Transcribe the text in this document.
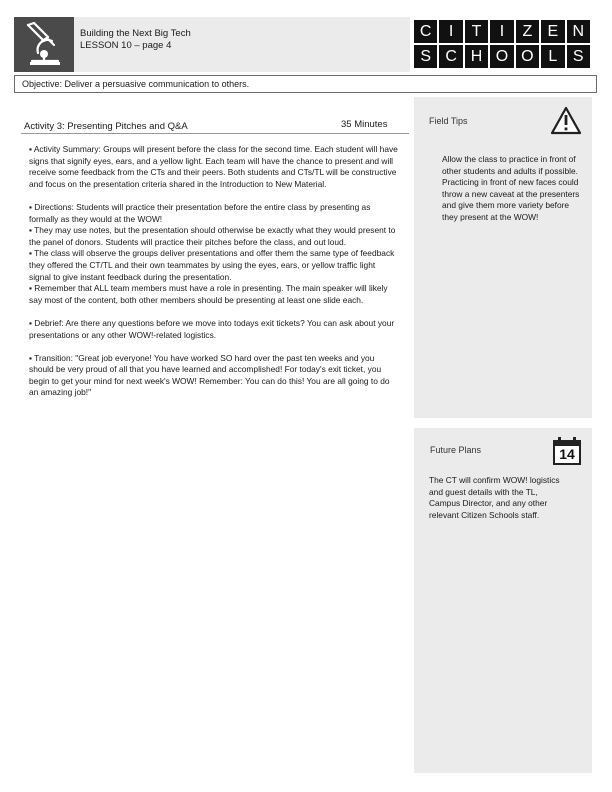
Building the Next Big Tech
LESSON 10 – page 4
C	I	T	I	Z E N
S C H O O L S
Objective: Deliver a persuasive communication to others.
Activity 3: Presenting Pitches and Q&A	35 Minutes

▪ Activity Summary: Groups will present before the class for the second time. Each student will have signs that signify eyes, ears, and a yellow light. Each team will have the chance to present and will receive some feedback from the CTs and their peers. Both students and CTs/TL will be constructive and focus on the presentation criteria shared in the Introduction to New Material.

▪ Directions: Students will practice their presentation before the entire class by presenting as formally as they would at the WOW!

▪ They may use notes, but the presentation should otherwise be exactly what they would present to the panel of donors. Students will practice their pitches before the class, and out loud.

▪ The class will observe the groups deliver presentations and offer them the same type of feedback they offered the CT/TL and their own teammates by using the eyes, ears, or yellow traffic light signal to give instant feedback during the presentation.

▪ Remember that ALL team members must have a role in presenting. The main speaker will likely say most of the content, both other members should be presenting at least one slide each.

▪ Debrief: Are there any questions before we move into todays exit tickets? You can ask about your presentations or any other WOW!-related logistics.

▪ Transition: "Great job everyone! You have worked SO hard over the past ten weeks and you should be very proud of all that you have learned and accomplished! For today's exit ticket, you begin to get your mind for next week's WOW! Remember: You can do this! You are all going to do an amazing job!"

Field Tips
Allow the class to practice in front of other students and adults if possible. Practicing in front of new faces could throw a new caveat at the presenters and give them more variety before they present at the WOW!
Future Plans	14
The CT will confirm WOW! logistics and guest details with the TL, Campus Director, and any other relevant Citizen Schools staff.
